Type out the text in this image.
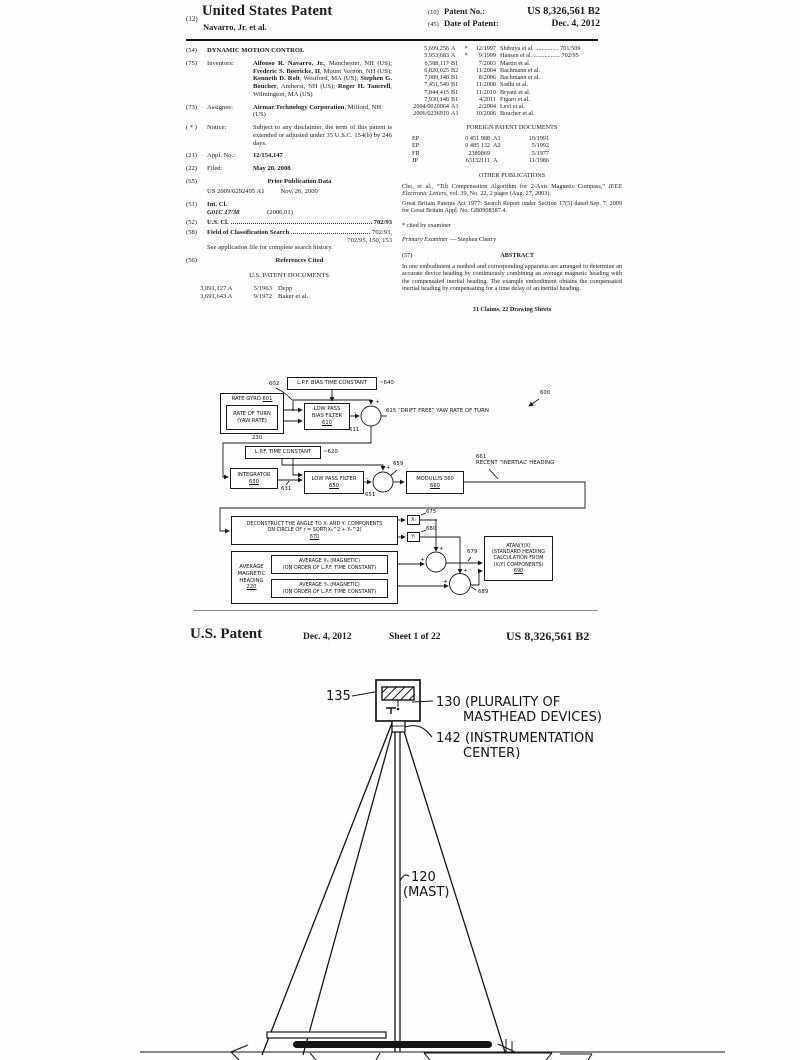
(12) United States Patent
Navarro, Jr. et al.
(10) Patent No.:	US 8,326,561 B2
(45) Date of Patent:	Dec. 4, 2012
(54)	DYNAMIC MOTION CONTROL
(75)	Inventors:	Alfonso R. Navarro, Jr., Manchester, NH (US); Frederic S. Boericke, II, Mount Vernon, NH (US); Kenneth D. Rolt, Westford, MA (US); Stephen G. Boucher, Amherst, NH (US); Roger H. Tancrell, Wilmington, MA (US)
(73)	Assignee:	Airmar Technology Corporation, Milford, NH (US)
( * )	Notice:	Subject to any disclaimer, the term of this patent is extended or adjusted under 35 U.S.C. 154(b) by 246 days.
(21)	Appl. No.:	12/154,147
(22)	Filed:	May 20, 2008
(65)	Prior Publication Data
US 2009/0292495 A1 Nov. 26, 2009
(51)	Int. Cl.
G01C 17/38	(2006.01)
(52)	U.S. Cl.	702/93
(58)	Field of Classification Search	702/93,
702/95, 150, 153
See application file for complete search history.
(56)	References Cited
U.S. PATENT DOCUMENTS
3,091,127 A	5/1963 Depp
3,691,643 A	9/1972 Baker et al.
5,699,256 A	*	12/1997 Shibuya et al. ............... 701/509
5,953,683 A	*	9/1999 Hansen et al. ................. 702/95
6,588,117 B1	7/2003 Martin et al.
6,820,025 B2	11/2004 Bachmann et al.
7,089,148 B1	8/2006 Bachmann et al.
7,451,549 B1	11/2008 Sodhi et al.
7,844,415 B1	11/2010 Bryant et al.
7,930,148 B1	4/2011 Figaro et al.
2004/0020064 A1	2/2004 Levi et al.
2006/0236910 A1	10/2006 Boucher et al.
FOREIGN PATENT DOCUMENTS
EP	0 451 988 A1	10/1991
EP	0 485 132 A2	5/1992
FR	2389869	5/1977
JP	63132111 A	11/1986
OTHER PUBLICATIONS
Cho, et al., “Tilt Compensation Algorithm for 2-Axis Magnetic Compass,” IEEE Electronic Letters, vol. 39, No. 22, 2 pages (Aug. 27, 2003).
Great Britain Patents Act 1977: Search Report under Section 17(5) dated Sep. 7, 2009 for Great Britain Appl. No. GB0908387.4.
* cited by examiner
Primary Examiner — Stephen Cherry
(57)	ABSTRACT
In one embodiment a method and corresponding apparatus are arranged to determine an accurate device heading by continuously combining an average magnetic heading with the compensated inertial heading. The example embodiment obtains the compensated inertial heading by compensating for a time delay of an inertial heading.
31 Claims, 22 Drawing Sheets
+
-
+
-
+
+
+
+
L.P.F. BIAS TIME CONSTANT
602	~640
RATE GYRO 601
RATE OF TURN
(YAW RATE)
230
LOW PASS
BIAS FILTER
610
611
615 “DRIFT FREE” YAW RATE OF TURN
600
L.P.F. TIME CONSTANT	~620
INTEGRATOR
630
631
LOW PASS FILTER
650
651
659
MODULUS 360
660
661
RECENT “INERTIAL” HEADING
DECONSTRUCT THE ANGLE TO Xᵣ AND Yᵣ COMPONENTS
ON CIRCLE OF r = SQRT(Xₕ^2 + Yₕ^2)
670
Xᵣ
675
Yᵣ
680
AVERAGE
MAGNETIC
HEADING
220
AVERAGE Xₕ (MAGNETIC)
(ON ORDER OF L.P.F. TIME CONSTANT)
AVERAGE Yₕ (MAGNETIC)
(ON ORDER OF L.P.F. TIME CONSTANT)
679
689
ATAN(Y/X)
(STANDARD HEADING
CALCULATION FROM
(X/Y) COMPONENTS)
690
U.S. Patent	Dec. 4, 2012	Sheet 1 of 22	US 8,326,561 B2
135	130 (PLURALITY OF
MASTHEAD DEVICES)
142 (INSTRUMENTATION
CENTER)
120
(MAST)
